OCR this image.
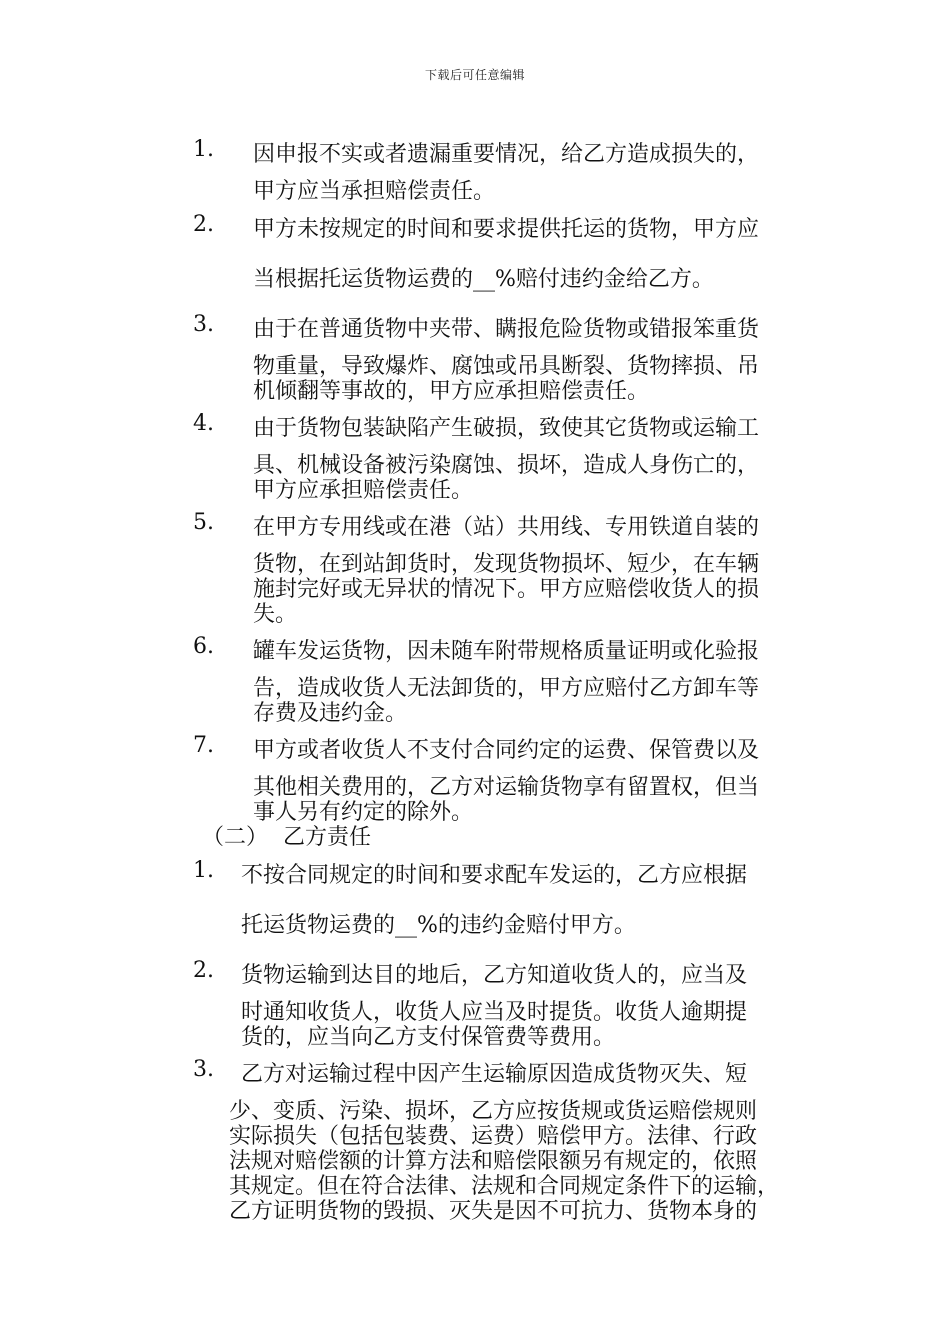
下载后可任意编辑
1. 因申报不实或者遗漏重要情况，给乙方造成损失的，
甲方应当承担赔偿责任。
2. 甲方未按规定的时间和要求提供托运的货物，甲方应
当根据托运货物运费的__%赔付违约金给乙方。
3. 由于在普通货物中夹带、瞒报危险货物或错报笨重货
物重量，导致爆炸、腐蚀或吊具断裂、货物摔损、吊
机倾翻等事故的，甲方应承担赔偿责任。
4. 由于货物包装缺陷产生破损，致使其它货物或运输工
具、机械设备被污染腐蚀、损坏，造成人身伤亡的，
甲方应承担赔偿责任。
5. 在甲方专用线或在港（站）共用线、专用铁道自装的
货物，在到站卸货时，发现货物损坏、短少，在车辆
施封完好或无异状的情况下。甲方应赔偿收货人的损
失。
6. 罐车发运货物，因未随车附带规格质量证明或化验报
告，造成收货人无法卸货的，甲方应赔付乙方卸车等
存费及违约金。
7. 甲方或者收货人不支付合同约定的运费、保管费以及
其他相关费用的，乙方对运输货物享有留置权，但当
事人另有约定的除外。
（二） 乙方责任
1. 不按合同规定的时间和要求配车发运的，乙方应根据
托运货物运费的__%的违约金赔付甲方。
2. 货物运输到达目的地后，乙方知道收货人的，应当及
时通知收货人，收货人应当及时提货。收货人逾期提
货的，应当向乙方支付保管费等费用。
3. 乙方对运输过程中因产生运输原因造成货物灭失、短
少、变质、污染、损坏，乙方应按货规或货运赔偿规则
实际损失（包括包装费、运费）赔偿甲方。法律、行政
法规对赔偿额的计算方法和赔偿限额另有规定的，依照
其规定。但在符合法律、法规和合同规定条件下的运输，
乙方证明货物的毁损、灭失是因不可抗力、货物本身的
